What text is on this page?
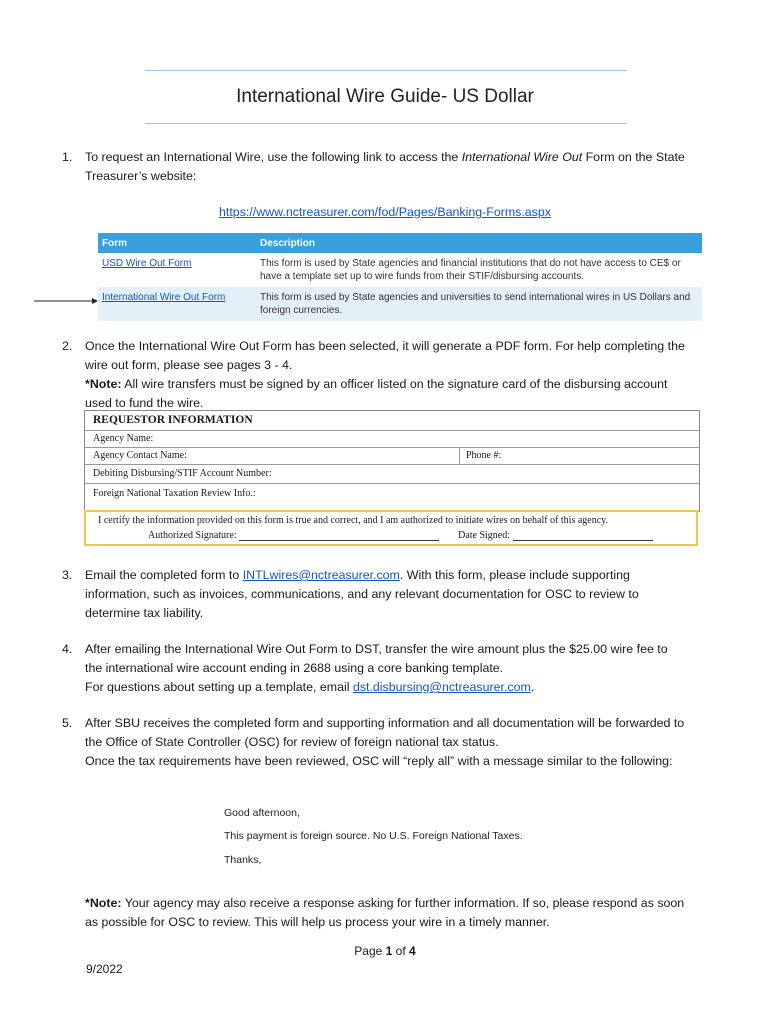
International Wire Guide- US Dollar
1. To request an International Wire, use the following link to access the International Wire Out Form on the State Treasurer’s website:
https://www.nctreasurer.com/fod/Pages/Banking-Forms.aspx
Form	Description
USD Wire Out Form	This form is used by State agencies and financial institutions that do not have access to CE$ or have a template set up to wire funds from their STIF/disbursing accounts.
International Wire Out Form	This form is used by State agencies and universities to send international wires in US Dollars and foreign currencies.
2. Once the International Wire Out Form has been selected, it will generate a PDF form. For help completing the wire out form, please see pages 3 - 4.
*Note: All wire transfers must be signed by an officer listed on the signature card of the disbursing account used to fund the wire.
REQUESTOR INFORMATION
Agency Name:
Agency Contact Name:	Phone #:
Debiting Disbursing/STIF Account Number:
Foreign National Taxation Review Info.:
I certify the information provided on this form is true and correct, and I am authorized to initiate wires on behalf of this agency.
Authorized Signature:	Date Signed:
3. Email the completed form to INTLwires@nctreasurer.com. With this form, please include supporting information, such as invoices, communications, and any relevant documentation for OSC to review to determine tax liability.
4. After emailing the International Wire Out Form to DST, transfer the wire amount plus the $25.00 wire fee to the international wire account ending in 2688 using a core banking template.
For questions about setting up a template, email dst.disbursing@nctreasurer.com.
5. After SBU receives the completed form and supporting information and all documentation will be forwarded to the Office of State Controller (OSC) for review of foreign national tax status.
Once the tax requirements have been reviewed, OSC will “reply all” with a message similar to the following:
Good afternoon,
This payment is foreign source. No U.S. Foreign National Taxes.
Thanks,
*Note: Your agency may also receive a response asking for further information. If so, please respond as soon as possible for OSC to review. This will help us process your wire in a timely manner.
Page 1 of 4
9/2022
